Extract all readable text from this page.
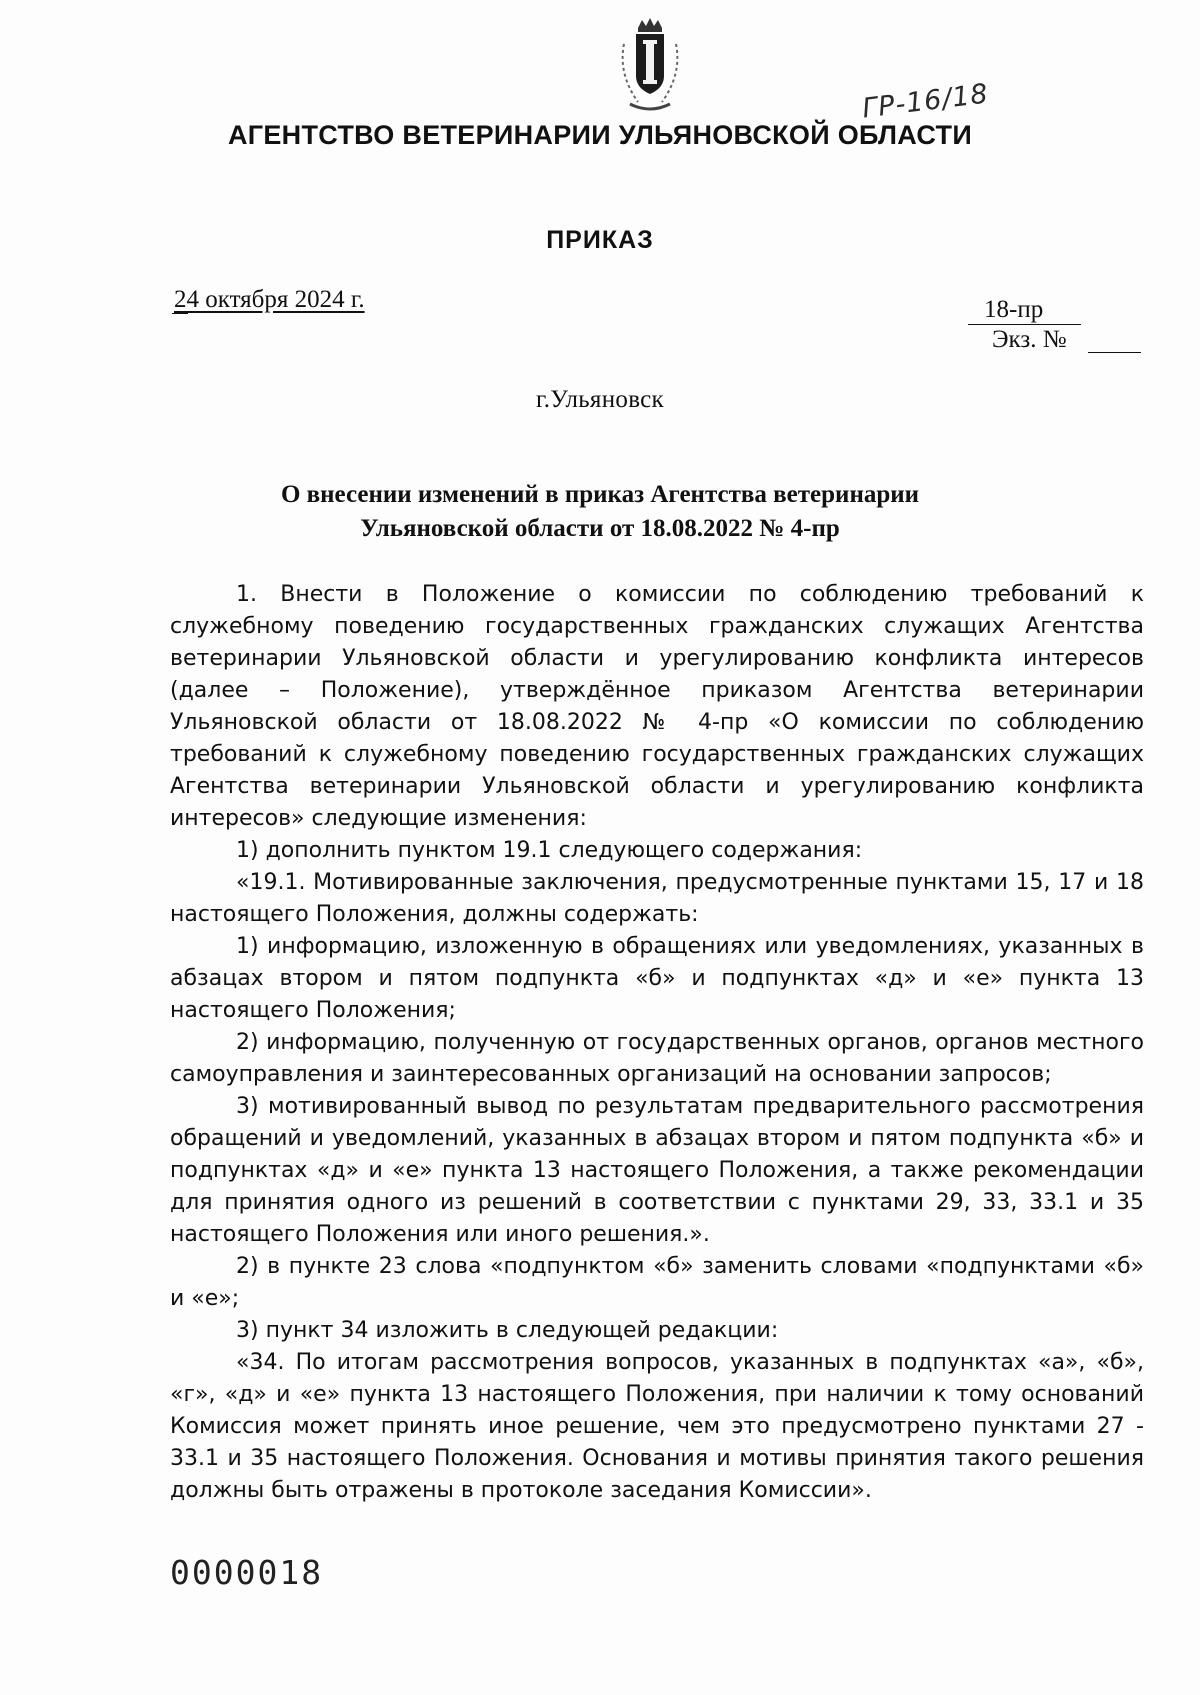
ГР-16/18
АГЕНТСТВО ВЕТЕРИНАРИИ УЛЬЯНОВСКОЙ ОБЛАСТИ
ПРИКАЗ
24 октября 2024 г.	18-пр
Экз. №
г.Ульяновск
О внесении изменений в приказ Агентства ветеринарии
Ульяновской области от 18.08.2022 № 4-пр

1. Внести в Положение о комиссии по соблюдению требований к служебному поведению государственных гражданских служащих Агентства ветеринарии Ульяновской области и урегулированию конфликта интересов (далее – Положение), утверждённое приказом Агентства ветеринарии Ульяновской области от 18.08.2022 № 4-пр «О комиссии по соблюдению требований к служебному поведению государственных гражданских служащих Агентства ветеринарии Ульяновской области и урегулированию конфликта интересов» следующие изменения:

1) дополнить пунктом 19.1 следующего содержания:

«19.1. Мотивированные заключения, предусмотренные пунктами 15, 17 и 18 настоящего Положения, должны содержать:

1) информацию, изложенную в обращениях или уведомлениях, указанных в абзацах втором и пятом подпункта «б» и подпунктах «д» и «е» пункта 13 настоящего Положения;

2) информацию, полученную от государственных органов, органов местного самоуправления и заинтересованных организаций на основании запросов;

3) мотивированный вывод по результатам предварительного рассмотрения обращений и уведомлений, указанных в абзацах втором и пятом подпункта «б» и подпунктах «д» и «е» пункта 13 настоящего Положения, а также рекомендации для принятия одного из решений в соответствии с пунктами 29, 33, 33.1 и 35 настоящего Положения или иного решения.».

2) в пункте 23 слова «подпунктом «б» заменить словами «подпунктами «б» и «е»;

3) пункт 34 изложить в следующей редакции:

«34. По итогам рассмотрения вопросов, указанных в подпунктах «а», «б», «г», «д» и «е» пункта 13 настоящего Положения, при наличии к тому оснований Комиссия может принять иное решение, чем это предусмотрено пунктами 27 - 33.1 и 35 настоящего Положения. Основания и мотивы принятия такого решения должны быть отражены в протоколе заседания Комиссии».

0000018
